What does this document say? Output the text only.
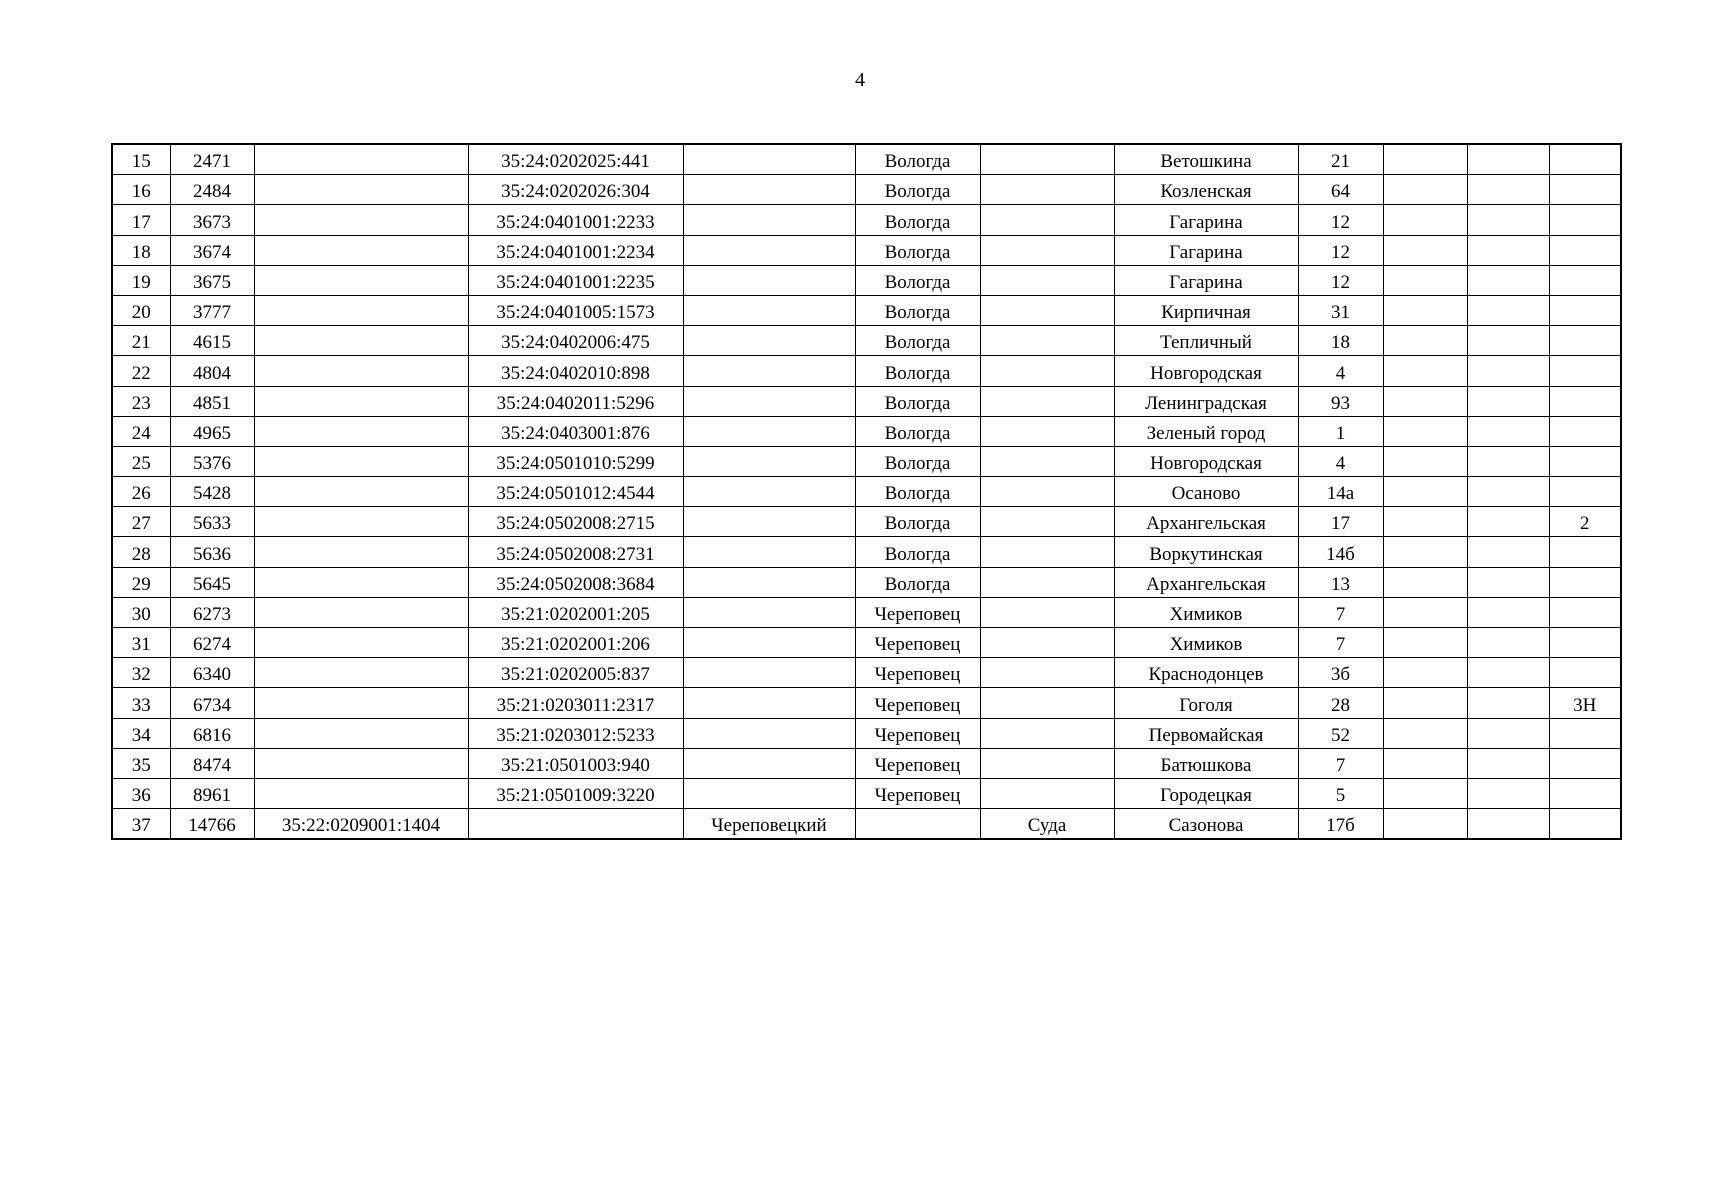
4
15	2471		35:24:0202025:441		Вологда		Ветошкина	21			
16	2484		35:24:0202026:304		Вологда		Козленская	64			
17	3673		35:24:0401001:2233		Вологда		Гагарина	12			
18	3674		35:24:0401001:2234		Вологда		Гагарина	12			
19	3675		35:24:0401001:2235		Вологда		Гагарина	12			
20	3777		35:24:0401005:1573		Вологда		Кирпичная	31			
21	4615		35:24:0402006:475		Вологда		Тепличный	18			
22	4804		35:24:0402010:898		Вологда		Новгородская	4			
23	4851		35:24:0402011:5296		Вологда		Ленинградская	93			
24	4965		35:24:0403001:876		Вологда		Зеленый город	1			
25	5376		35:24:0501010:5299		Вологда		Новгородская	4			
26	5428		35:24:0501012:4544		Вологда		Осаново	14а			
27	5633		35:24:0502008:2715		Вологда		Архангельская	17			2
28	5636		35:24:0502008:2731		Вологда		Воркутинская	14б			
29	5645		35:24:0502008:3684		Вологда		Архангельская	13			
30	6273		35:21:0202001:205		Череповец		Химиков	7			
31	6274		35:21:0202001:206		Череповец		Химиков	7			
32	6340		35:21:0202005:837		Череповец		Краснодонцев	3б			
33	6734		35:21:0203011:2317		Череповец		Гоголя	28			3Н
34	6816		35:21:0203012:5233		Череповец		Первомайская	52			
35	8474		35:21:0501003:940		Череповец		Батюшкова	7			
36	8961		35:21:0501009:3220		Череповец		Городецкая	5			
37	14766	35:22:0209001:1404		Череповецкий		Суда	Сазонова	17б			
